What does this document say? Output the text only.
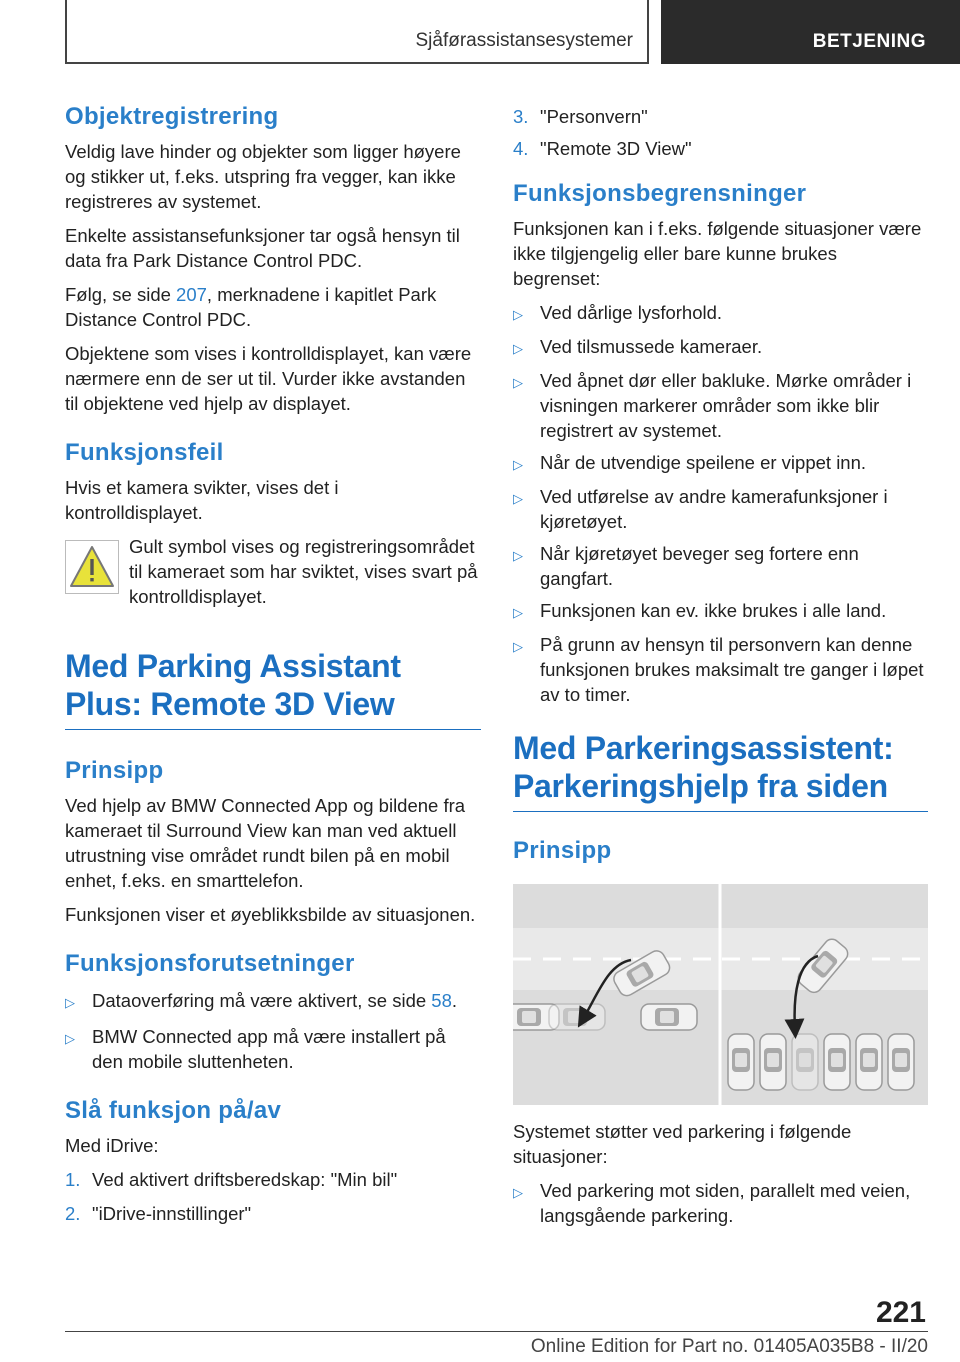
Sjåførassistansesystemer	BETJENING
Objektregistrering

Veldig lave hinder og objekter som ligger høyere og stikker ut, f.eks. utspring fra vegger, kan ikke registreres av systemet.

Enkelte assistansefunksjoner tar også hensyn til data fra Park Distance Control PDC.

Følg, se side 207, merknadene i kapitlet Park Distance Control PDC.

Objektene som vises i kontrolldisplayet, kan være nærmere enn de ser ut til. Vurder ikke avstanden til objektene ved hjelp av displayet.

Funksjonsfeil

Hvis et kamera svikter, vises det i kontrolldisplayet.

Gult symbol vises og registreringsområdet til kameraet som har sviktet, vises svart på kontrolldisplayet.

Med Parking Assistant Plus: Remote 3D View
Prinsipp

Ved hjelp av BMW Connected App og bildene fra kameraet til Surround View kan man ved aktuell utrustning vise området rundt bilen på en mobil enhet, f.eks. en smarttelefon.

Funksjonen viser et øyeblikksbilde av situasjonen.

Funksjonsforutsetninger
▷ Dataoverføring må være aktivert, se side 58.
▷ BMW Connected app må være installert på den mobile sluttenheten.
Slå funksjon på/av

Med iDrive:

1. Ved aktivert driftsberedskap: "Min bil"
2. "iDrive-innstillinger"
3. "Personvern"
4. "Remote 3D View"
Funksjonsbegrensninger

Funksjonen kan i f.eks. følgende situasjoner være ikke tilgjengelig eller bare kunne brukes begrenset:

▷ Ved dårlige lysforhold.
▷ Ved tilsmussede kameraer.
▷ Ved åpnet dør eller bakluke. Mørke områder i visningen markerer områder som ikke blir registrert av systemet.
▷ Når de utvendige speilene er vippet inn.
▷ Ved utførelse av andre kamerafunksjoner i kjøretøyet.
▷ Når kjøretøyet beveger seg fortere enn gangfart.
▷ Funksjonen kan ev. ikke brukes i alle land.
▷ På grunn av hensyn til personvern kan denne funksjonen brukes maksimalt tre ganger i løpet av to timer.
Med Parkeringsassistent: Parkeringshjelp fra siden
Prinsipp

Systemet støtter ved parkering i følgende situasjoner:

▷ Ved parkering mot siden, parallelt med veien, langsgående parkering.
221
Online Edition for Part no. 01405A035B8 - II/20
